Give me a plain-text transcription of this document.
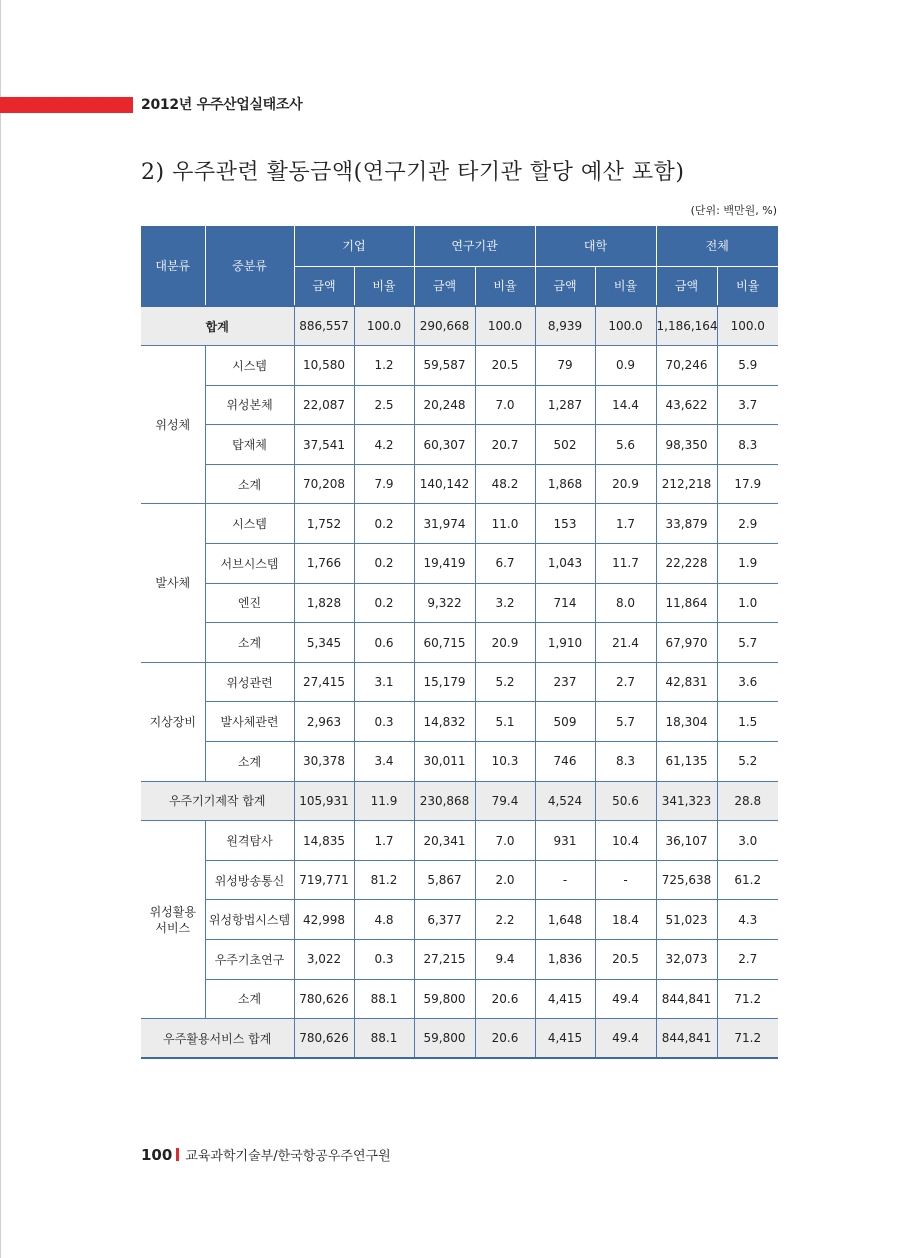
2012년 우주산업실태조사
2) 우주관련 활동금액(연구기관 타기관 할당 예산 포함)
(단위: 백만원, %)
대분류	중분류	기업		연구기관		대학		전체	
		금액	비율	금액	비율	금액	비율	금액	비율
합계		886,557	100.0	290,668	100.0	8,939	100.0	1,186,164	100.0
위성체	시스템	10,580	1.2	59,587	20.5	79	0.9	70,246	5.9
	위성본체	22,087	2.5	20,248	7.0	1,287	14.4	43,622	3.7
	탑재체	37,541	4.2	60,307	20.7	502	5.6	98,350	8.3
	소계	70,208	7.9	140,142	48.2	1,868	20.9	212,218	17.9
발사체	시스템	1,752	0.2	31,974	11.0	153	1.7	33,879	2.9
	서브시스템	1,766	0.2	19,419	6.7	1,043	11.7	22,228	1.9
	엔진	1,828	0.2	9,322	3.2	714	8.0	11,864	1.0
	소계	5,345	0.6	60,715	20.9	1,910	21.4	67,970	5.7
지상장비	위성관련	27,415	3.1	15,179	5.2	237	2.7	42,831	3.6
	발사체관련	2,963	0.3	14,832	5.1	509	5.7	18,304	1.5
	소계	30,378	3.4	30,011	10.3	746	8.3	61,135	5.2
우주기기제작 합계		105,931	11.9	230,868	79.4	4,524	50.6	341,323	28.8
위성활용
서비스	원격탐사	14,835	1.7	20,341	7.0	931	10.4	36,107	3.0
	위성방송통신	719,771	81.2	5,867	2.0	-	-	725,638	61.2
	위성항법시스템	42,998	4.8	6,377	2.2	1,648	18.4	51,023	4.3
	우주기초연구	3,022	0.3	27,215	9.4	1,836	20.5	32,073	2.7
	소계	780,626	88.1	59,800	20.6	4,415	49.4	844,841	71.2
우주활용서비스 합계		780,626	88.1	59,800	20.6	4,415	49.4	844,841	71.2
100 교육과학기술부/한국항공우주연구원
